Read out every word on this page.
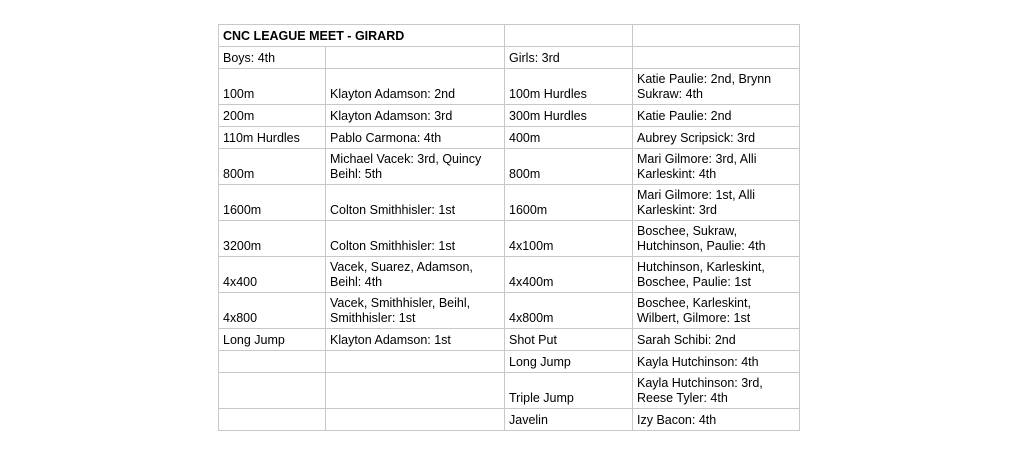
CNC LEAGUE MEET - GIRARD			
Boys: 4th		Girls: 3rd	
100m	Klayton Adamson: 2nd	100m Hurdles	Katie Paulie: 2nd, Brynn Sukraw: 4th
200m	Klayton Adamson: 3rd	300m Hurdles	Katie Paulie: 2nd
110m Hurdles	Pablo Carmona: 4th	400m	Aubrey Scripsick: 3rd
800m	Michael Vacek: 3rd, Quincy Beihl: 5th	800m	Mari Gilmore: 3rd, Alli Karleskint: 4th
1600m	Colton Smithhisler: 1st	1600m	Mari Gilmore: 1st, Alli Karleskint: 3rd
3200m	Colton Smithhisler: 1st	4x100m	Boschee, Sukraw, Hutchinson, Paulie: 4th
4x400	Vacek, Suarez, Adamson, Beihl: 4th	4x400m	Hutchinson, Karleskint, Boschee, Paulie: 1st
4x800	Vacek, Smithhisler, Beihl, Smithhisler: 1st	4x800m	Boschee, Karleskint, Wilbert, Gilmore: 1st
Long Jump	Klayton Adamson: 1st	Shot Put	Sarah Schibi: 2nd
		Long Jump	Kayla Hutchinson: 4th
		Triple Jump	Kayla Hutchinson: 3rd, Reese Tyler: 4th
		Javelin	Izy Bacon: 4th
